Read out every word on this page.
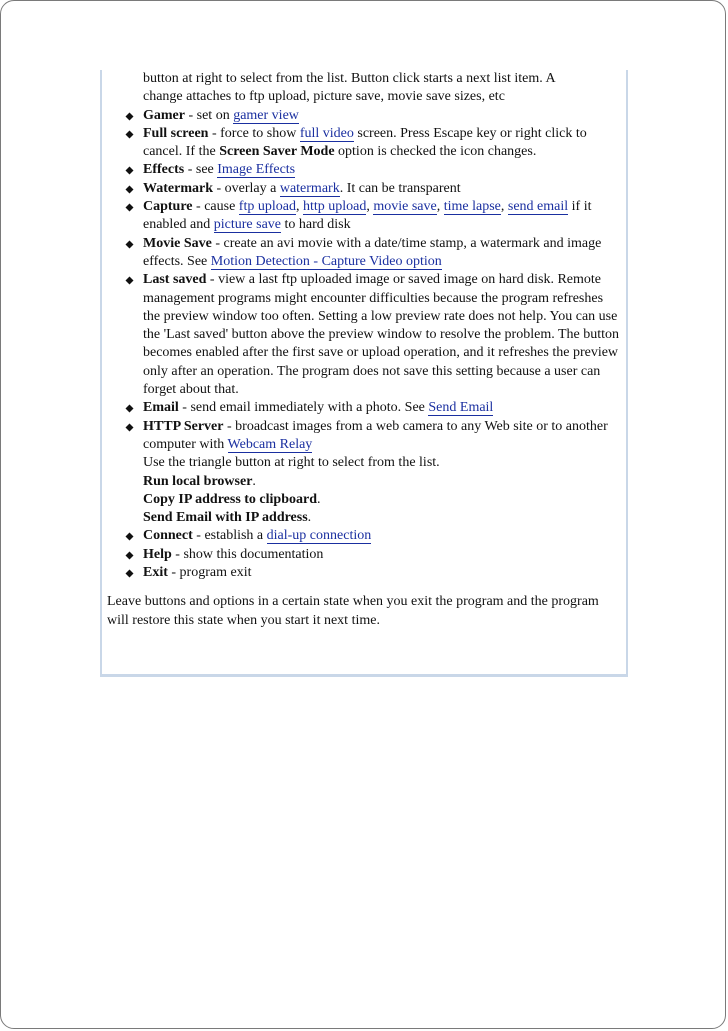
button at right to select from the list. Button click starts a next list item. A
change attaches to ftp upload, picture save, movie save sizes, etc
Gamer - set on gamer view
Full screen - force to show full video screen. Press Escape key or right click to cancel. If the Screen Saver Mode option is checked the icon changes.
Effects - see Image Effects
Watermark - overlay a watermark. It can be transparent
Capture - cause ftp upload, http upload, movie save, time lapse, send email if it enabled and picture save to hard disk
Movie Save - create an avi movie with a date/time stamp, a watermark and image effects. See Motion Detection - Capture Video option
Last saved - view a last ftp uploaded image or saved image on hard disk. Remote management programs might encounter difficulties because the program refreshes the preview window too often. Setting a low preview rate does not help. You can use the 'Last saved' button above the preview window to resolve the problem. The button becomes enabled after the first save or upload operation, and it refreshes the preview only after an operation. The program does not save this setting because a user can forget about that.
Email - send email immediately with a photo. See Send Email
HTTP Server - broadcast images from a web camera to any Web site or to another computer with Webcam Relay
Use the triangle button at right to select from the list.
Run local browser.
Copy IP address to clipboard.
Send Email with IP address.
Connect - establish a dial-up connection
Help - show this documentation
Exit - program exit

Leave buttons and options in a certain state when you exit the program and the program will restore this state when you start it next time.
